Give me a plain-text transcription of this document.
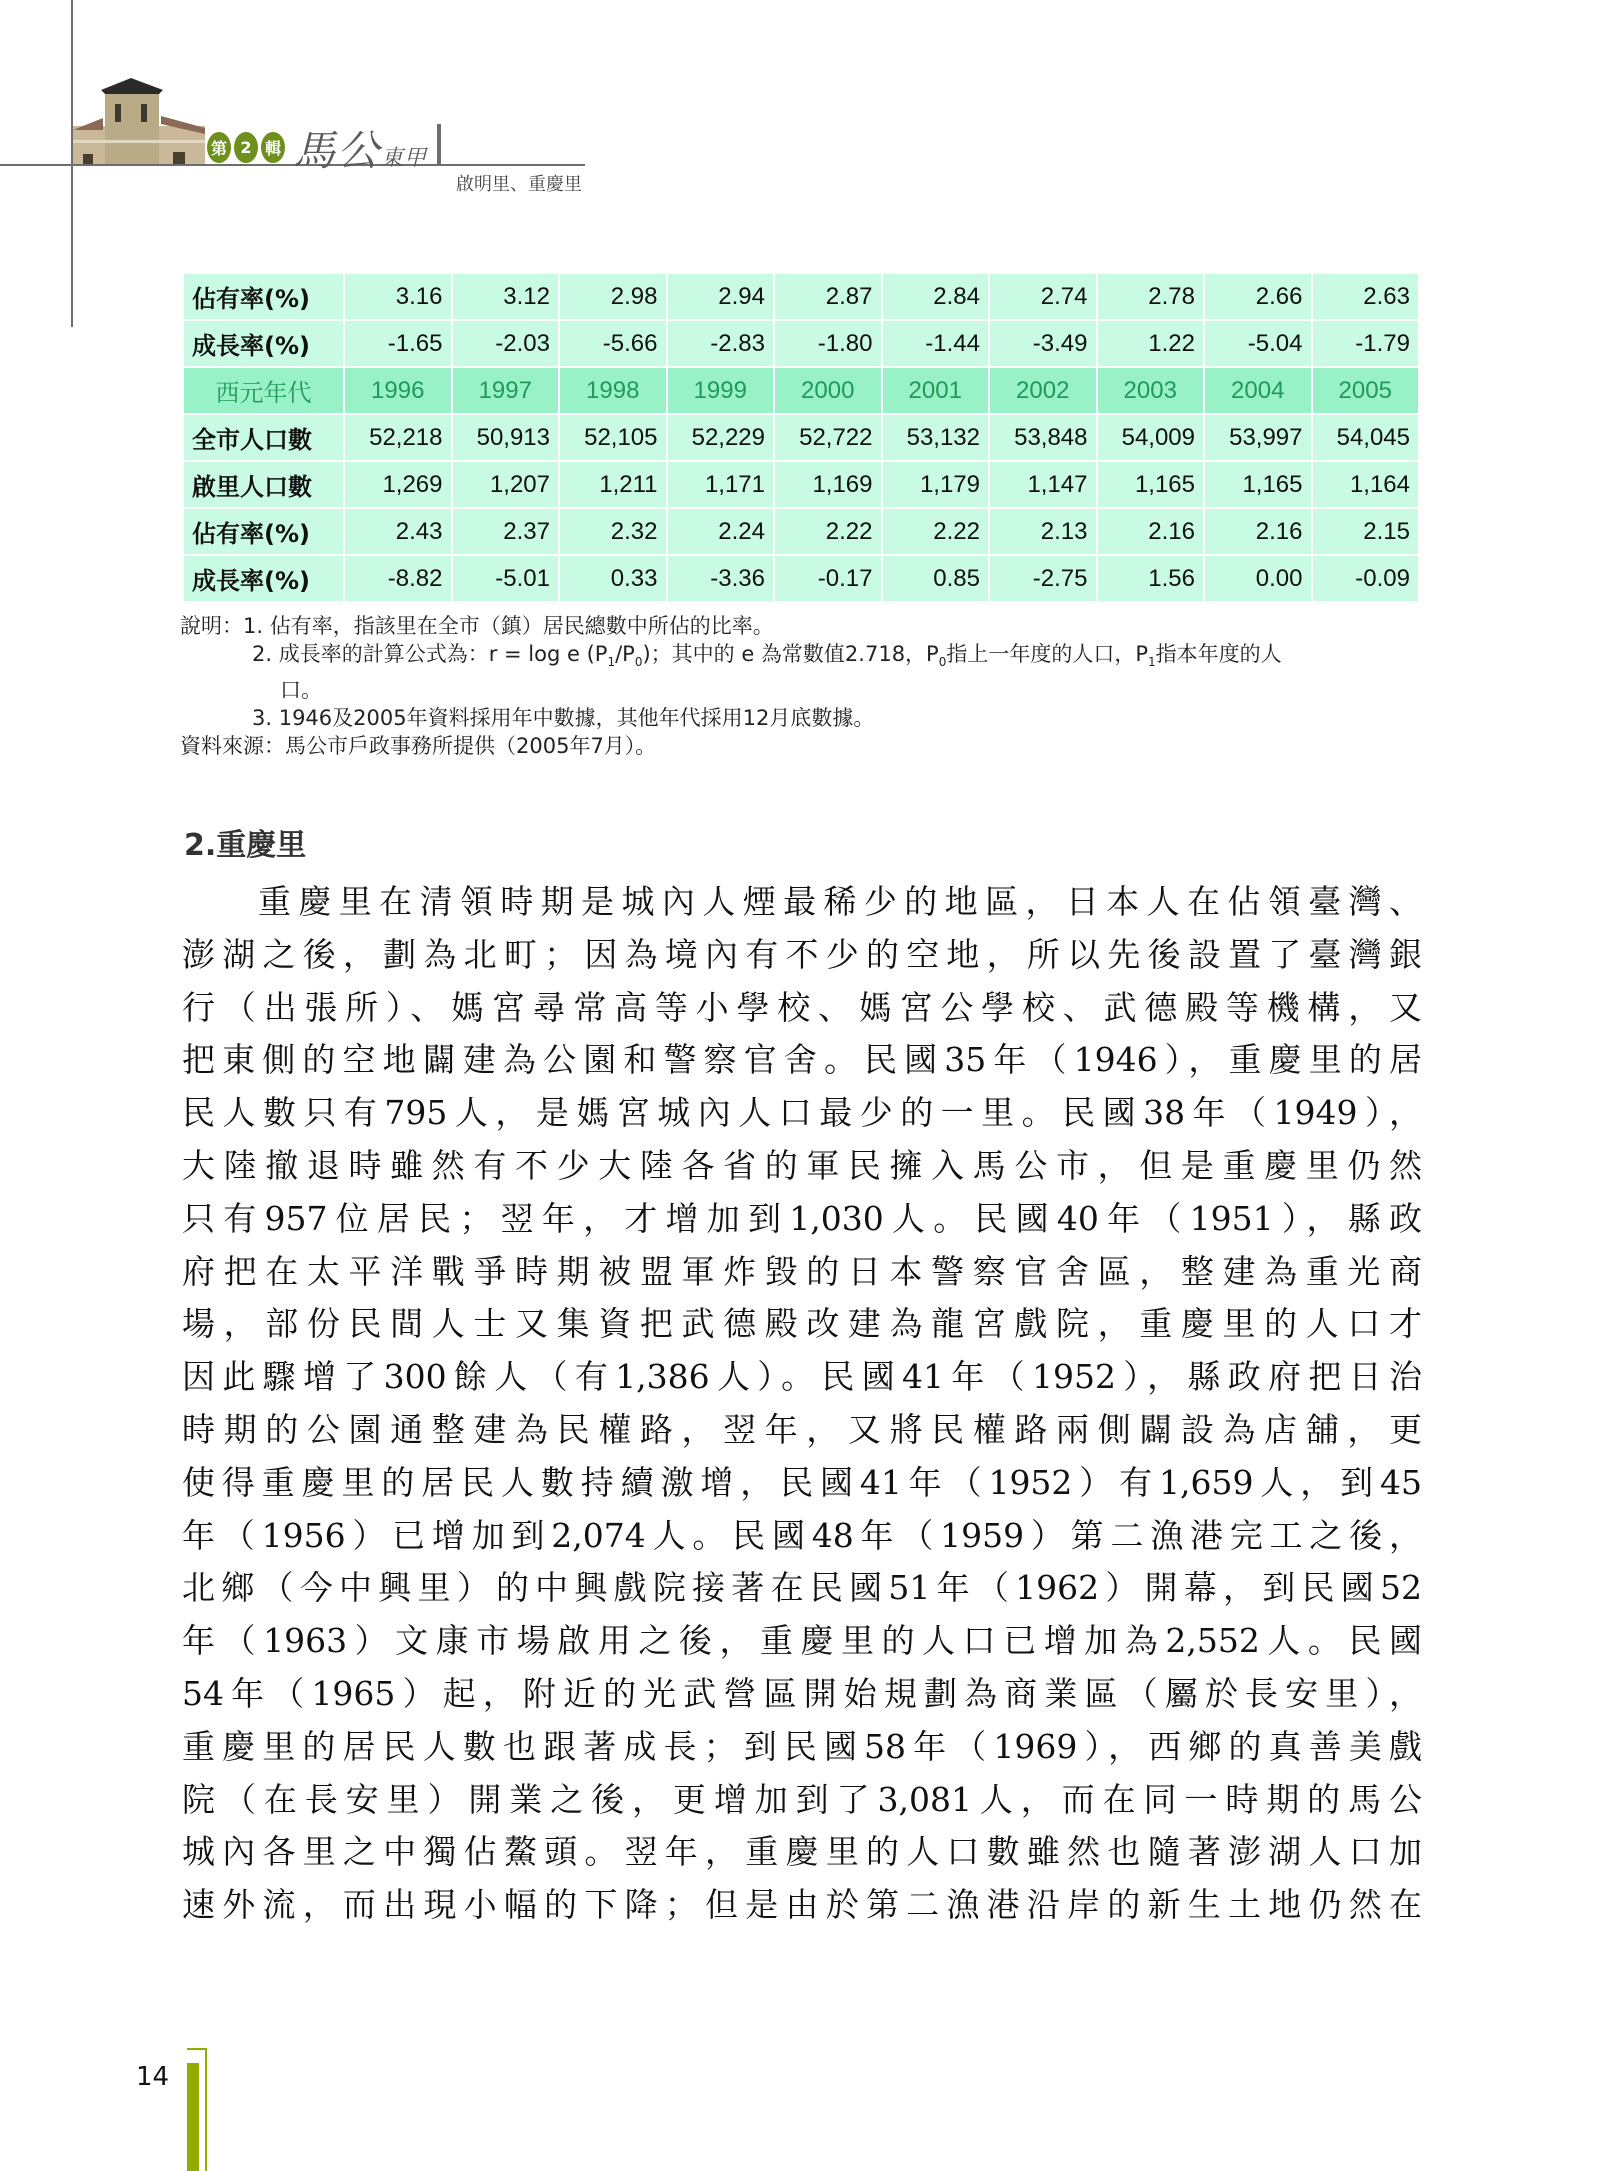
第 2 輯 馬公東甲
啟明里、重慶里
佔有率(%)	3.16	3.12	2.98	2.94	2.87	2.84	2.74	2.78	2.66	2.63
成長率(%)	-1.65	-2.03	-5.66	-2.83	-1.80	-1.44	-3.49	1.22	-5.04	-1.79
西元年代	1996	1997	1998	1999	2000	2001	2002	2003	2004	2005
全市人口數	52,218	50,913	52,105	52,229	52,722	53,132	53,848	54,009	53,997	54,045
啟里人口數	1,269	1,207	1,211	1,171	1,169	1,179	1,147	1,165	1,165	1,164
佔有率(%)	2.43	2.37	2.32	2.24	2.22	2.22	2.13	2.16	2.16	2.15
成長率(%)	-8.82	-5.01	0.33	-3.36	-0.17	0.85	-2.75	1.56	0.00	-0.09
說明：1. 佔有率，指該里在全市（鎮）居民總數中所佔的比率。
2. 成長率的計算公式為：r = log e $(P_1/P_0)$；其中的 e 為常數值2.718，$P_0$指上一年度的人口，$P_1$指本年度的人
口。
3. 1946及2005年資料採用年中數據，其他年代採用12月底數據。
資料來源：馬公市戶政事務所提供（2005年7月）。
2.重慶里
重慶里在清領時期是城內人煙最稀少的地區，日本人在佔領臺灣、
澎湖之後，劃為北町；因為境內有不少的空地，所以先後設置了臺灣銀
行（出張所）、媽宮尋常高等小學校、媽宮公學校、武德殿等機構，又
把東側的空地闢建為公園和警察官舍。民國35年（1946），重慶里的居
民人數只有795人，是媽宮城內人口最少的一里。民國38年（1949），
大陸撤退時雖然有不少大陸各省的軍民擁入馬公市，但是重慶里仍然
只有957位居民；翌年，才增加到1,030人。民國40年（1951），縣政
府把在太平洋戰爭時期被盟軍炸毀的日本警察官舍區，整建為重光商
場，部份民間人士又集資把武德殿改建為龍宮戲院，重慶里的人口才
因此驟增了300餘人（有1,386人）。民國41年（1952），縣政府把日治
時期的公園通整建為民權路，翌年，又將民權路兩側闢設為店舖，更
使得重慶里的居民人數持續激增，民國41年（1952）有1,659人，到45
年（1956）已增加到2,074人。民國48年（1959）第二漁港完工之後，
北鄉（今中興里）的中興戲院接著在民國51年（1962）開幕，到民國52
年（1963）文康市場啟用之後，重慶里的人口已增加為2,552人。民國
54年（1965）起，附近的光武營區開始規劃為商業區（屬於長安里），
重慶里的居民人數也跟著成長；到民國58年（1969），西鄉的真善美戲
院（在長安里）開業之後，更增加到了3,081人，而在同一時期的馬公
城內各里之中獨佔鰲頭。翌年，重慶里的人口數雖然也隨著澎湖人口加
速外流，而出現小幅的下降；但是由於第二漁港沿岸的新生土地仍然在
14
